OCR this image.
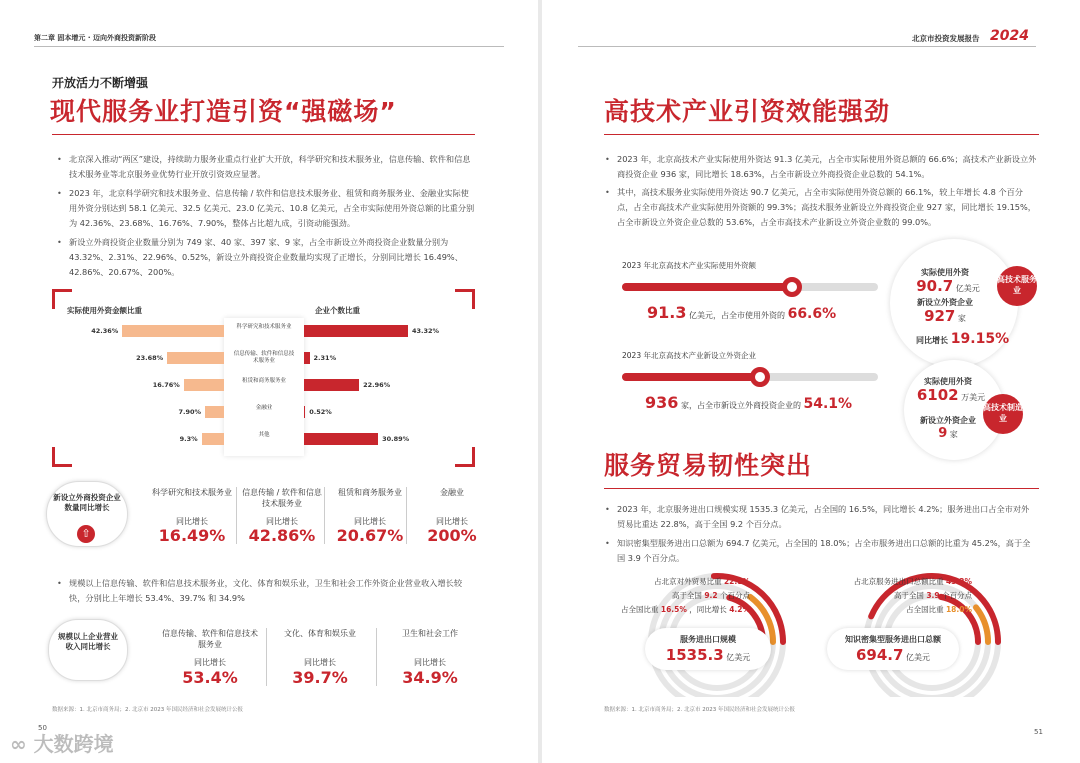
第二章 固本增元 · 迈向外商投资新阶段
开放活力不断增强
现代服务业打造引资“强磁场”
• 北京深入推动“两区”建设，持续助力服务业重点行业扩大开放，科学研究和技术服务业，信息传输、软件和信息技术服务业等北京服务业优势行业开放引资效应显著。
• 2023 年，北京科学研究和技术服务业、信息传输 / 软件和信息技术服务业、租赁和商务服务业、金融业实际使用外资分别达到 58.1 亿美元、32.5 亿美元、23.0 亿美元、10.8 亿美元，占全市实际使用外资总额的比重分别为 42.36%、23.68%、16.76%、7.90%，整体占比超九成，引资动能强劲。
• 新设立外商投资企业数量分别为 749 家、40 家、397 家、9 家，占全市新设立外商投资企业数量分别为 43.32%、2.31%、22.96%、0.52%，新设立外商投资企业数量均实现了正增长，分别同比增长 16.49%、42.86%、20.67%、200%。
实际使用外资金额比重	企业个数比重
42.36%	43.32%
科学研究和技术服务业
23.68%	2.31%
信息传输、软件和信息技术服务业
16.76%	22.96%
租赁和商务服务业
7.90%	0.52%
金融业
9.3%	30.89%
其他
新设立外商投资企业数量同比增长
⇧
科学研究和技术服务业
同比增长
16.49%
信息传输 / 软件和信息技术服务业
同比增长
42.86%
租赁和商务服务业
同比增长
20.67%
金融业
同比增长
200%
• 规模以上信息传输、软件和信息技术服务业，文化、体育和娱乐业，卫生和社会工作外资企业营业收入增长较快，分别比上年增长 53.4%、39.7% 和 34.9%
规模以上企业营业收入同比增长
信息传输、软件和信息技术服务业
同比增长
53.4%
文化、体育和娱乐业
同比增长
39.7%
卫生和社会工作
同比增长
34.9%
数据来源：1. 北京市商务局；2. 北京市 2023 年国民经济和社会发展统计公报
50
∞ 大数跨境
北京市投资发展报告 2024
高技术产业引资效能强劲
• 2023 年，北京高技术产业实际使用外资达 91.3 亿美元，占全市实际使用外资总额的 66.6%；高技术产业新设立外商投资企业 936 家，同比增长 18.63%，占全市新设立外商投资企业总数的 54.1%。
• 其中，高技术服务业实际使用外资达 90.7 亿美元，占全市实际使用外资总额的 66.1%，较上年增长 4.8 个百分点，占全市高技术产业实际使用外资额的 99.3%；高技术服务业新设立外商投资企业 927 家，同比增长 19.15%，占全市新设立外资企业总数的 53.6%，占全市高技术产业新设立外资企业数的 99.0%。
2023 年北京高技术产业实际使用外资额
91.3 亿美元，占全市使用外资的 66.6%
2023 年北京高技术产业新设立外资企业
936 家，占全市新设立外商投资企业的 54.1%
实际使用外资
90.7 亿美元
新设立外资企业
927 家
同比增长 19.15%
高技术服务业
实际使用外资
6102 万美元
新设立外资企业
9 家
高技术制造业
服务贸易韧性突出
• 2023 年，北京服务进出口规模实现 1535.3 亿美元，占全国的 16.5%，同比增长 4.2%；服务进出口占全市对外贸易比重达 22.8%，高于全国 9.2 个百分点。
• 知识密集型服务进出口总额为 694.7 亿美元，占全国的 18.0%；占全市服务进出口总额的比重为 45.2%，高于全国 3.9 个百分点。
占北京对外贸易比重 22.8%
高于全国 9.2 个百分点
占全国比重 16.5% ，同比增长 4.2%
服务进出口规模
1535.3 亿美元
占北京服务进出口总额比重 45.2%
高于全国 3.9 个百分点
占全国比重 18.0%
知识密集型服务进出口总额
694.7 亿美元
数据来源：1. 北京市商务局；2. 北京市 2023 年国民经济和社会发展统计公报
51
